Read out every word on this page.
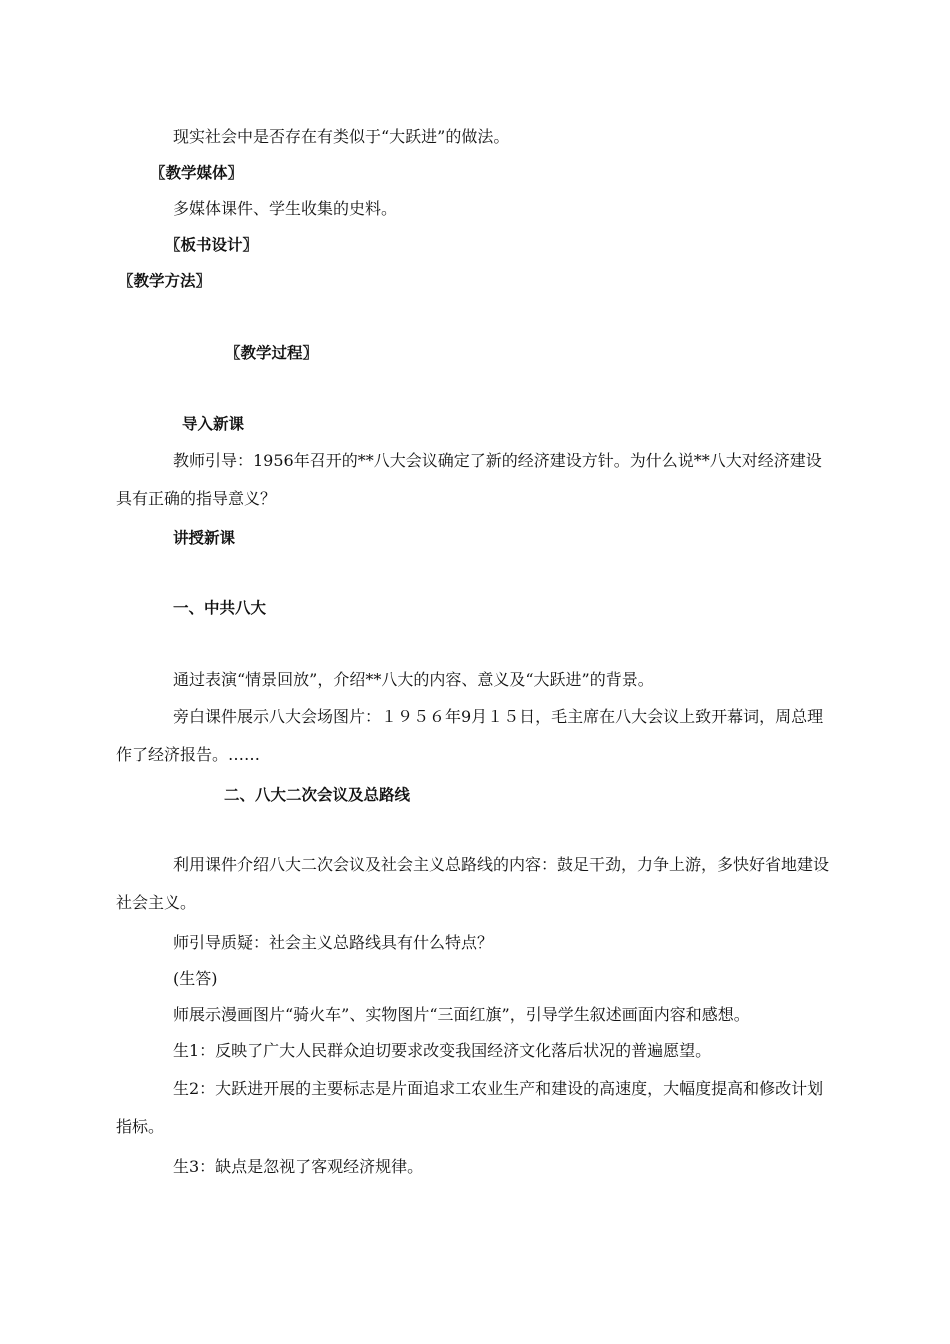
现实社会中是否存在有类似于“大跃进”的做法。

〖教学媒体〗

多媒体课件、学生收集的史料。

〖板书设计〗

〖教学方法〗

〖教学过程〗

导入新课

教师引导：1956年召开的**八大会议确定了新的经济建设方针。为什么说**八大对经济建设具有正确的指导意义？

讲授新课

一、中共八大

通过表演“情景回放”，介绍**八大的内容、意义及“大跃进”的背景。

旁白课件展示八大会场图片：１９５６年9月１５日，毛主席在八大会议上致开幕词，周总理作了经济报告。……

二、八大二次会议及总路线

利用课件介绍八大二次会议及社会主义总路线的内容：鼓足干劲，力争上游，多快好省地建设社会主义。

师引导质疑：社会主义总路线具有什么特点？

(生答)

师展示漫画图片“骑火车”、实物图片“三面红旗”，引导学生叙述画面内容和感想。

生1：反映了广大人民群众迫切要求改变我国经济文化落后状况的普遍愿望。

生2：大跃进开展的主要标志是片面追求工农业生产和建设的高速度，大幅度提高和修改计划指标。

生3：缺点是忽视了客观经济规律。
